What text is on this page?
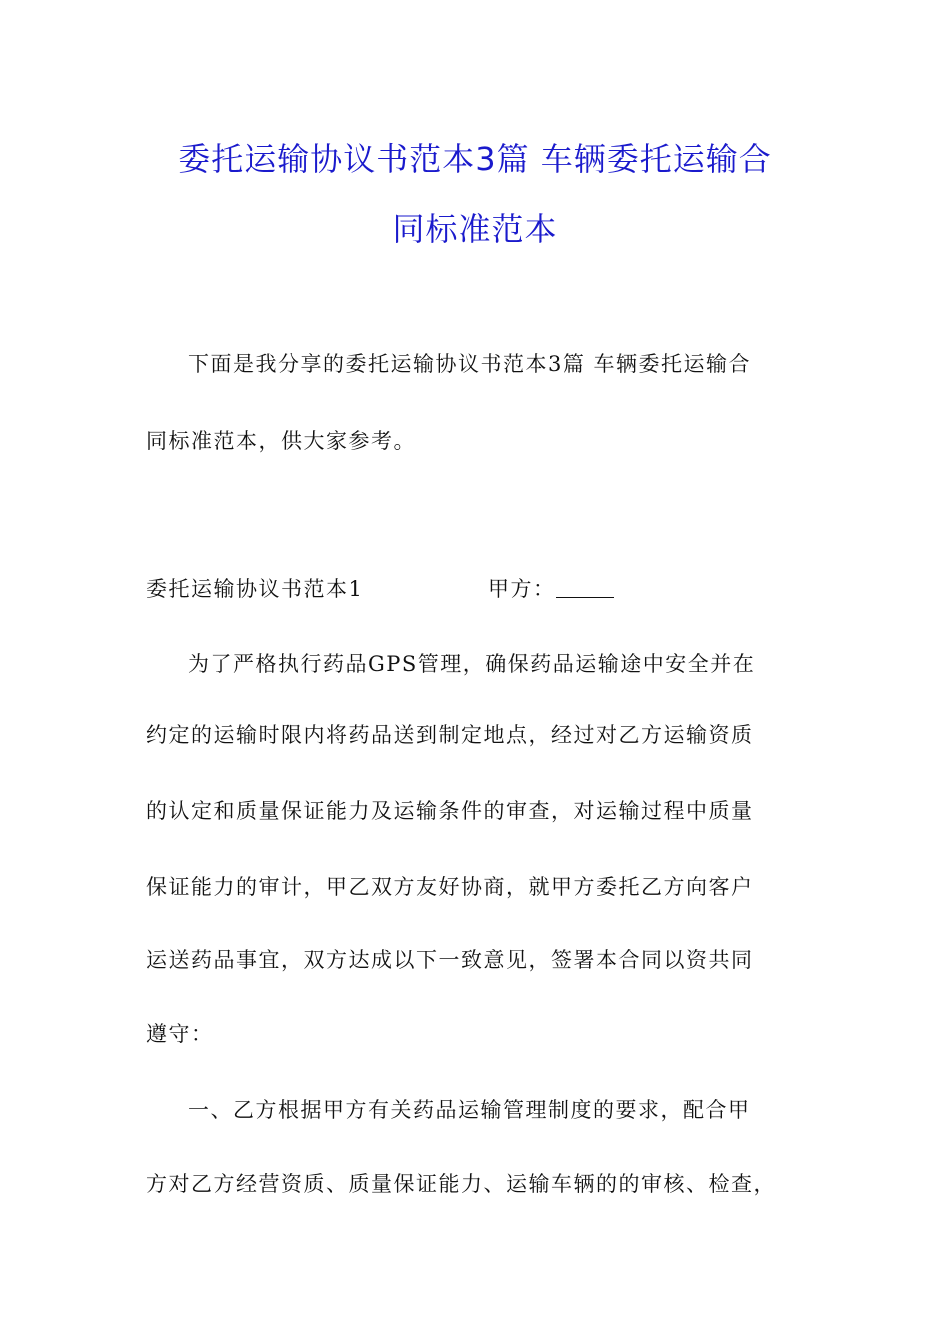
委托运输协议书范本3篇 车辆委托运输合
同标准范本

下面是我分享的委托运输协议书范本3篇 车辆委托运输合

同标准范本，供大家参考。

委托运输协议书范本1	甲方：

为了严格执行药品GPS管理，确保药品运输途中安全并在

约定的运输时限内将药品送到制定地点，经过对乙方运输资质

的认定和质量保证能力及运输条件的审查，对运输过程中质量

保证能力的审计，甲乙双方友好协商，就甲方委托乙方向客户

运送药品事宜，双方达成以下一致意见，签署本合同以资共同

遵守：

一、乙方根据甲方有关药品运输管理制度的要求，配合甲

方对乙方经营资质、质量保证能力、运输车辆的的审核、检查，
